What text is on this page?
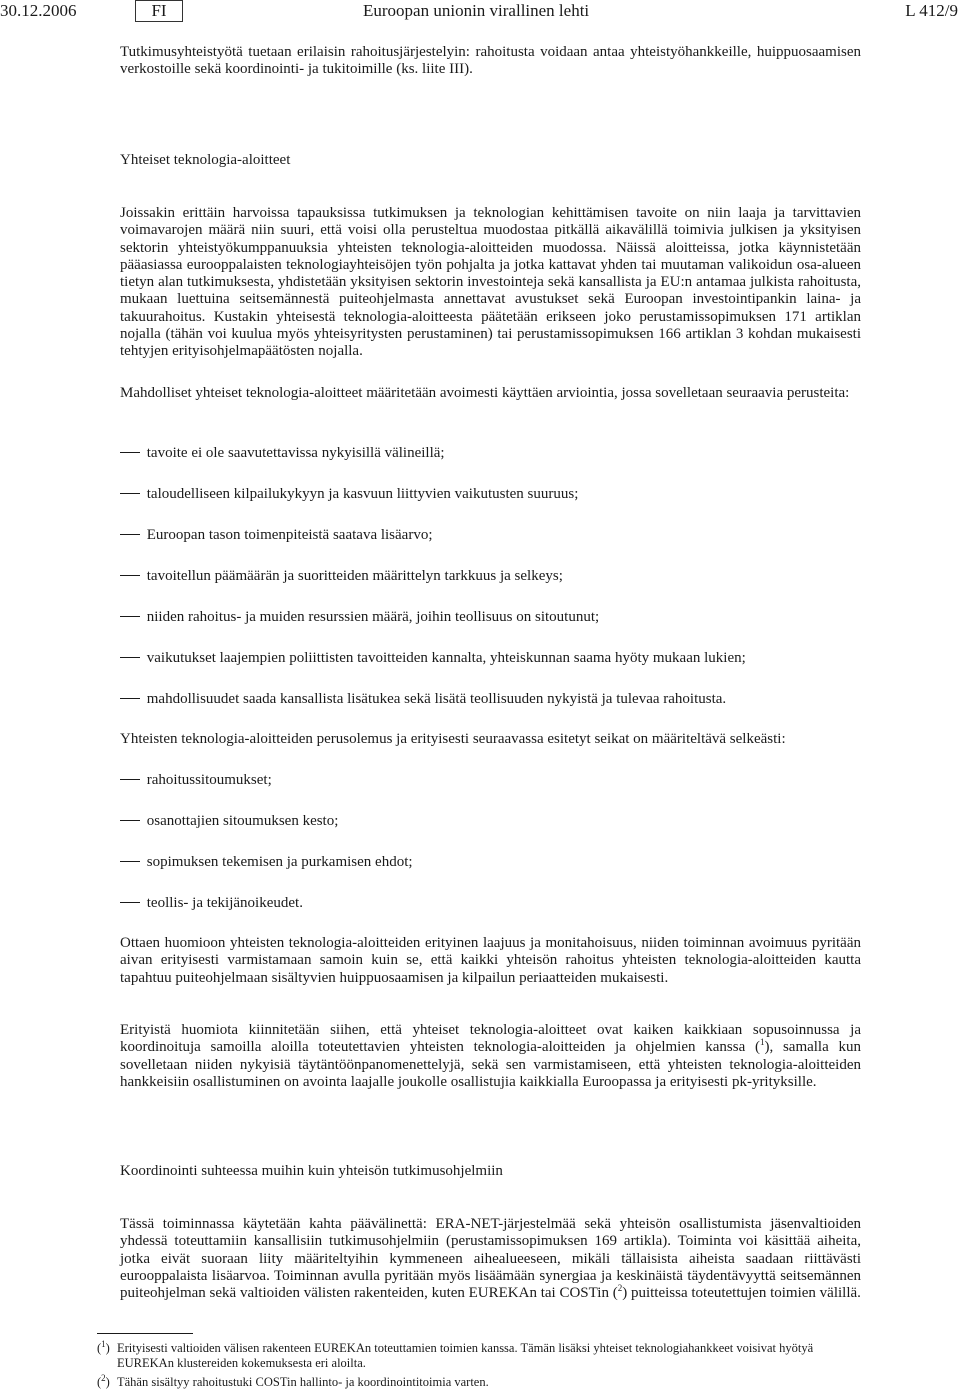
30.12.2006	FI	Euroopan unionin virallinen lehti	L 412/9

Tutkimusyhteistyötä tuetaan erilaisin rahoitusjärjestelyin: rahoitusta voidaan antaa yhteistyöhankkeille, huippuosaamisen verkostoille sekä koordinointi- ja tukitoimille (ks. liite III).

Yhteiset teknologia-aloitteet

Joissakin erittäin harvoissa tapauksissa tutkimuksen ja teknologian kehittämisen tavoite on niin laaja ja tarvittavien voimavarojen määrä niin suuri, että voisi olla perusteltua muodostaa pitkällä aikavälillä toimivia julkisen ja yksityisen sektorin yhteistyökumppanuuksia yhteisten teknologia-aloitteiden muodossa. Näissä aloitteissa, jotka käynnistetään pääasiassa eurooppalaisten teknologiayhteisöjen työn pohjalta ja jotka kattavat yhden tai muutaman valikoidun osa-alueen tietyn alan tutkimuksesta, yhdistetään yksityisen sektorin investointeja sekä kansallista ja EU:n antamaa julkista rahoitusta, mukaan luettuina seitsemännestä puiteohjelmasta annettavat avustukset sekä Euroopan investointipankin laina- ja takuurahoitus. Kustakin yhteisestä teknologia-aloitteesta päätetään erikseen joko perustamissopimuksen 171 artiklan nojalla (tähän voi kuulua myös yhteisyritysten perustaminen) tai perustamissopimuksen 166 artiklan 3 kohdan mukaisesti tehtyjen erityisohjelmapäätösten nojalla.

Mahdolliset yhteiset teknologia-aloitteet määritetään avoimesti käyttäen arviointia, jossa sovelletaan seuraavia perusteita:

tavoite ei ole saavutettavissa nykyisillä välineillä;

taloudelliseen kilpailukykyyn ja kasvuun liittyvien vaikutusten suuruus;

Euroopan tason toimenpiteistä saatava lisäarvo;

tavoitellun päämäärän ja suoritteiden määrittelyn tarkkuus ja selkeys;

niiden rahoitus- ja muiden resurssien määrä, joihin teollisuus on sitoutunut;

vaikutukset laajempien poliittisten tavoitteiden kannalta, yhteiskunnan saama hyöty mukaan lukien;

mahdollisuudet saada kansallista lisätukea sekä lisätä teollisuuden nykyistä ja tulevaa rahoitusta.

Yhteisten teknologia-aloitteiden perusolemus ja erityisesti seuraavassa esitetyt seikat on määriteltävä selkeästi:

rahoitussitoumukset;

osanottajien sitoumuksen kesto;

sopimuksen tekemisen ja purkamisen ehdot;

teollis- ja tekijänoikeudet.

Ottaen huomioon yhteisten teknologia-aloitteiden erityinen laajuus ja monitahoisuus, niiden toiminnan avoimuus pyritään aivan erityisesti varmistamaan samoin kuin se, että kaikki yhteisön rahoitus yhteisten teknologia-aloitteiden kautta tapahtuu puiteohjelmaan sisältyvien huippuosaamisen ja kilpailun periaatteiden mukaisesti.

Erityistä huomiota kiinnitetään siihen, että yhteiset teknologia-aloitteet ovat kaiken kaikkiaan sopusoinnussa ja koordinoituja samoilla aloilla toteutettavien yhteisten teknologia-aloitteiden ja ohjelmien kanssa ($^1$), samalla kun sovelletaan niiden nykyisiä täytäntöönpanomenettelyjä, sekä sen varmistamiseen, että yhteisten teknologia-aloitteiden hankkeisiin osallistuminen on avointa laajalle joukolle osallistujia kaikkialla Euroopassa ja erityisesti pk-yrityksille.

Koordinointi suhteessa muihin kuin yhteisön tutkimusohjelmiin

Tässä toiminnassa käytetään kahta päävälinettä: ERA-NET-järjestelmää sekä yhteisön osallistumista jäsenvaltioiden yhdessä toteuttamiin kansallisiin tutkimusohjelmiin (perustamissopimuksen 169 artikla). Toiminta voi käsittää aiheita, jotka eivät suoraan liity määriteltyihin kymmeneen aihealueeseen, mikäli tällaisista aiheista saadaan riittävästi eurooppalaista lisäarvoa. Toiminnan avulla pyritään myös lisäämään synergiaa ja keskinäistä täydentävyyttä seitsemännen puiteohjelman sekä valtioiden välisten rakenteiden, kuten EUREKAn tai COSTin ($^2$) puitteissa toteutettujen toimien välillä.

($^1$) Erityisesti valtioiden välisen rakenteen EUREKAn toteuttamien toimien kanssa. Tämän lisäksi yhteiset teknologiahankkeet voisivat hyötyä EUREKAn klustereiden kokemuksesta eri aloilta.

($^2$) Tähän sisältyy rahoitustuki COSTin hallinto- ja koordinointitoimia varten.
